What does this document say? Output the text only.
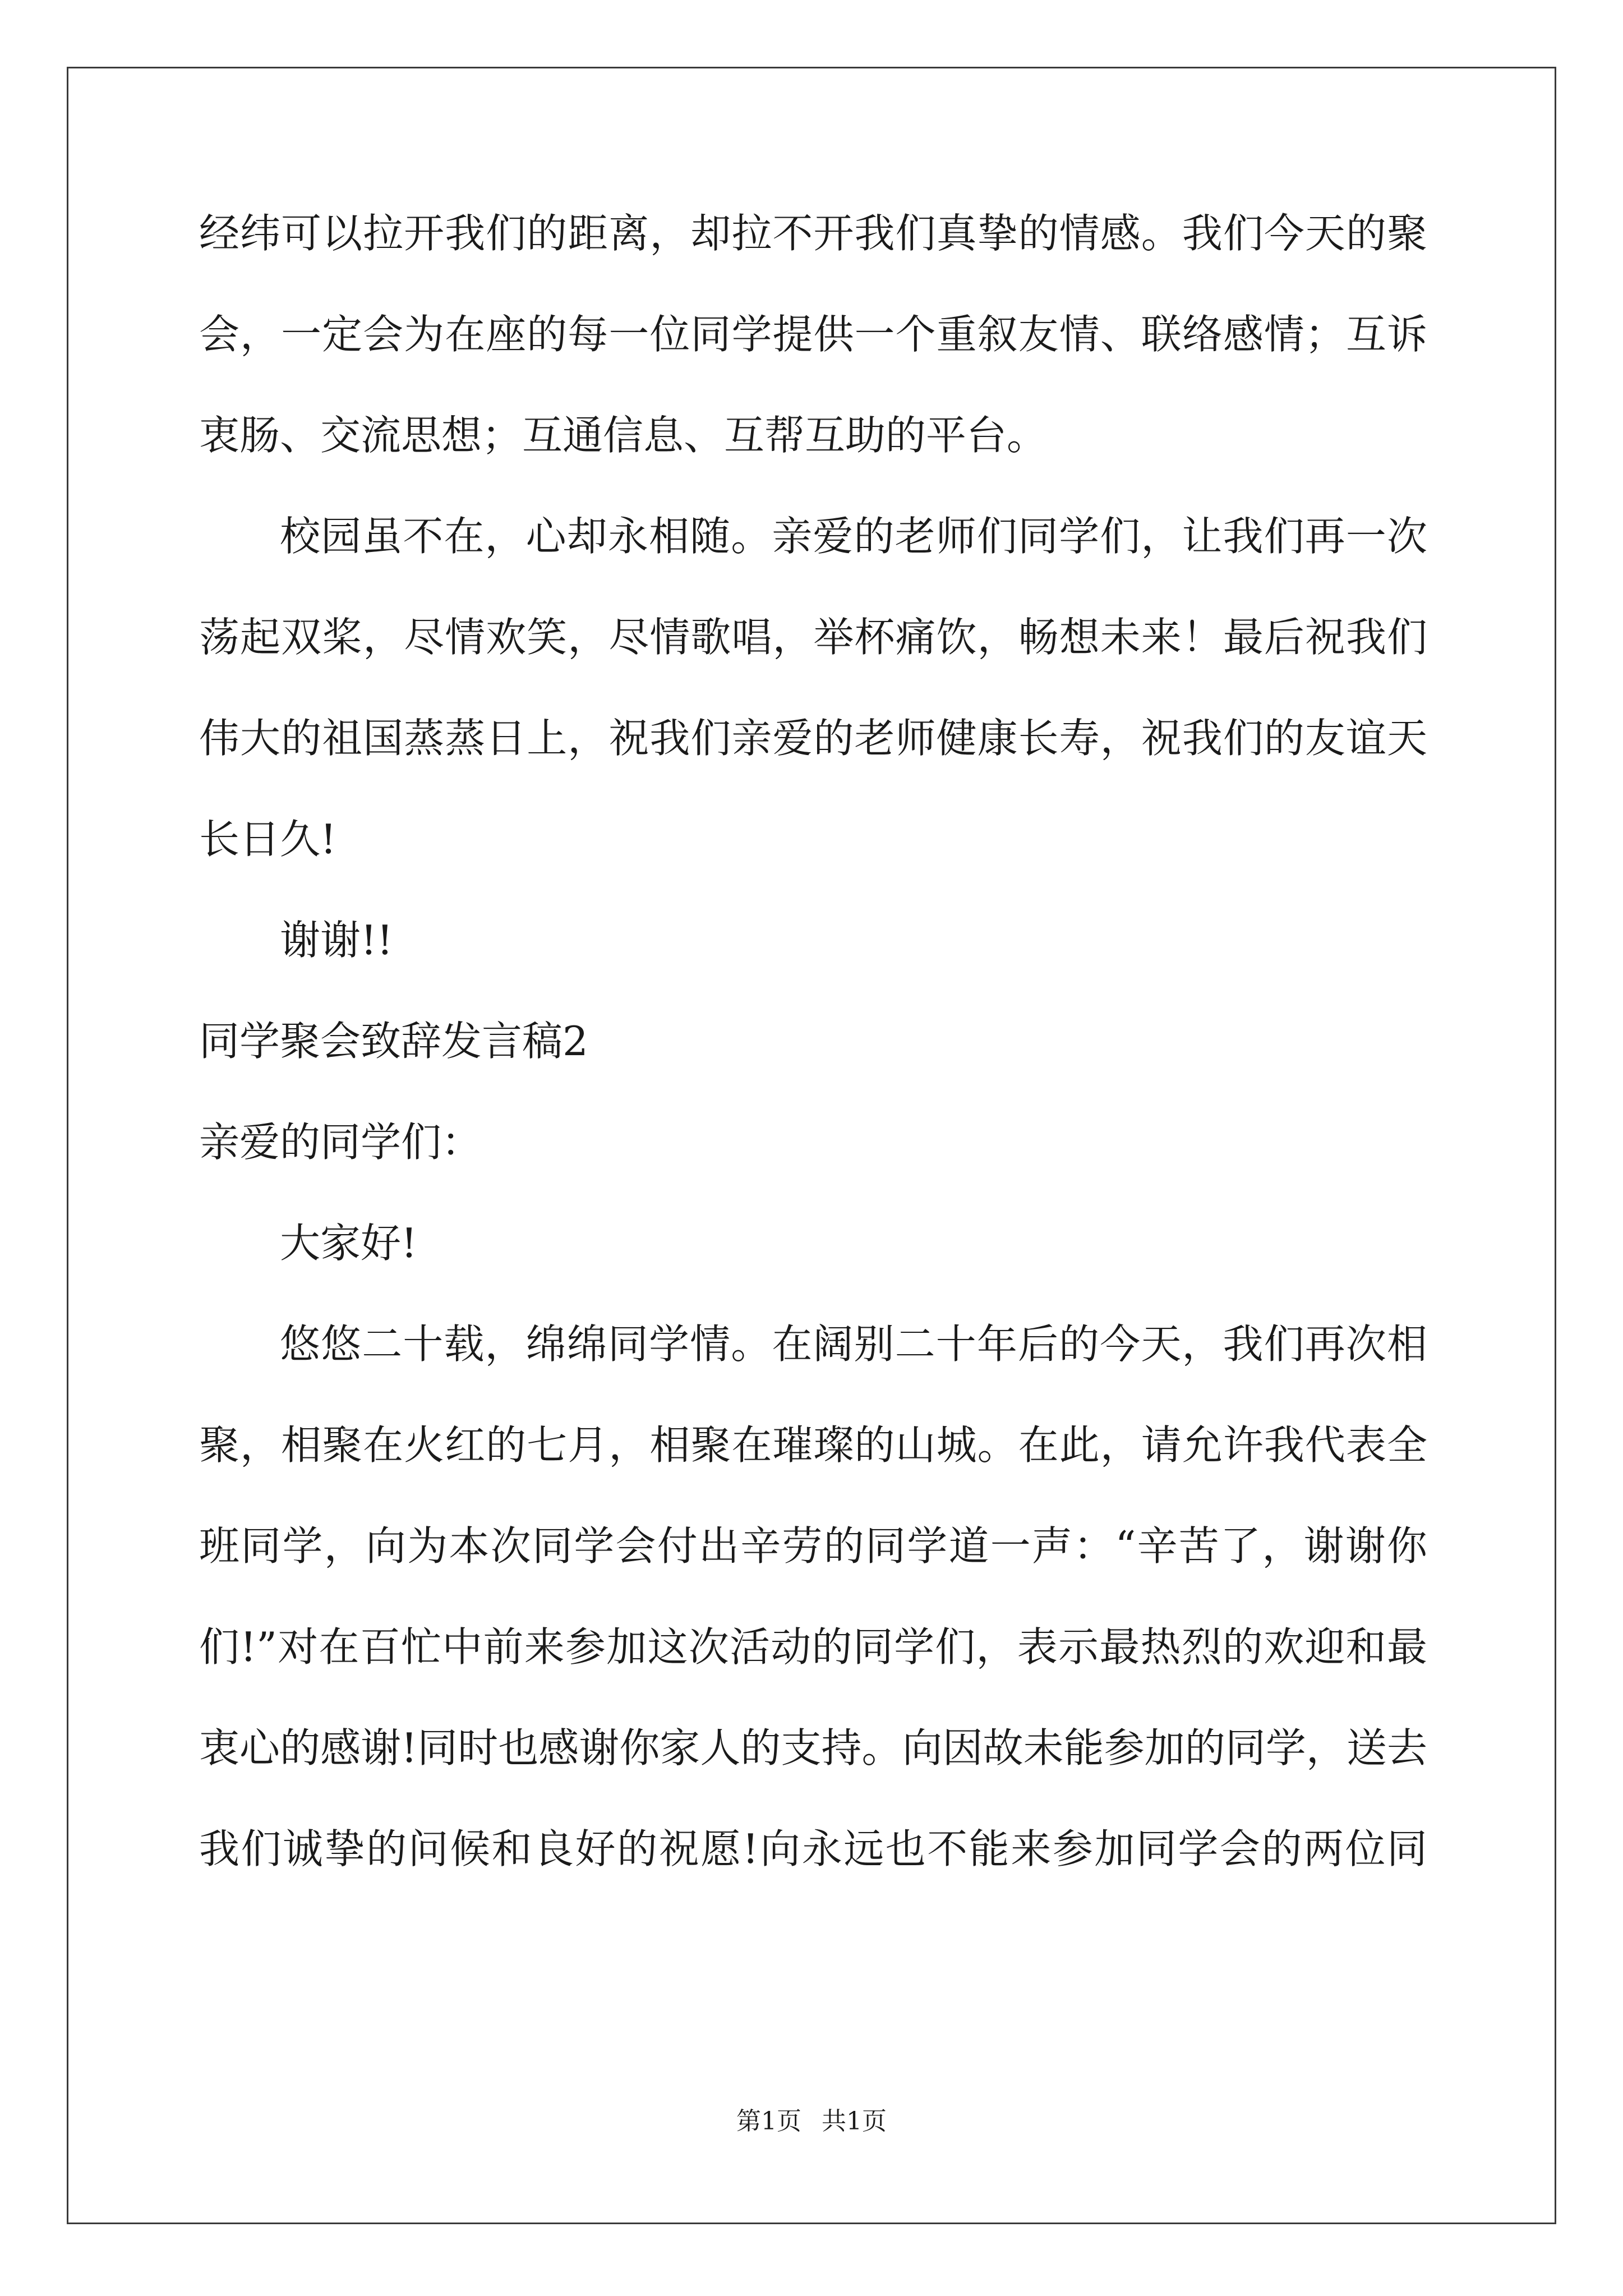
经纬可以拉开我们的距离，却拉不开我们真挚的情感。我们今天的聚
会，一定会为在座的每一位同学提供一个重叙友情、联络感情；互诉
衷肠、交流思想；互通信息、互帮互助的平台。
校园虽不在，心却永相随。亲爱的老师们同学们，让我们再一次
荡起双桨，尽情欢笑，尽情歌唱，举杯痛饮，畅想未来！最后祝我们
伟大的祖国蒸蒸日上，祝我们亲爱的老师健康长寿，祝我们的友谊天
长日久!
谢谢!!
同学聚会致辞发言稿2
亲爱的同学们：
大家好!
悠悠二十载，绵绵同学情。在阔别二十年后的今天，我们再次相
聚，相聚在火红的七月，相聚在璀璨的山城。在此，请允许我代表全
班同学，向为本次同学会付出辛劳的同学道一声：“辛苦了，谢谢你
们!”对在百忙中前来参加这次活动的同学们，表示最热烈的欢迎和最
衷心的感谢!同时也感谢你家人的支持。向因故未能参加的同学，送去
我们诚挚的问候和良好的祝愿!向永远也不能来参加同学会的两位同
第1页 共1页
